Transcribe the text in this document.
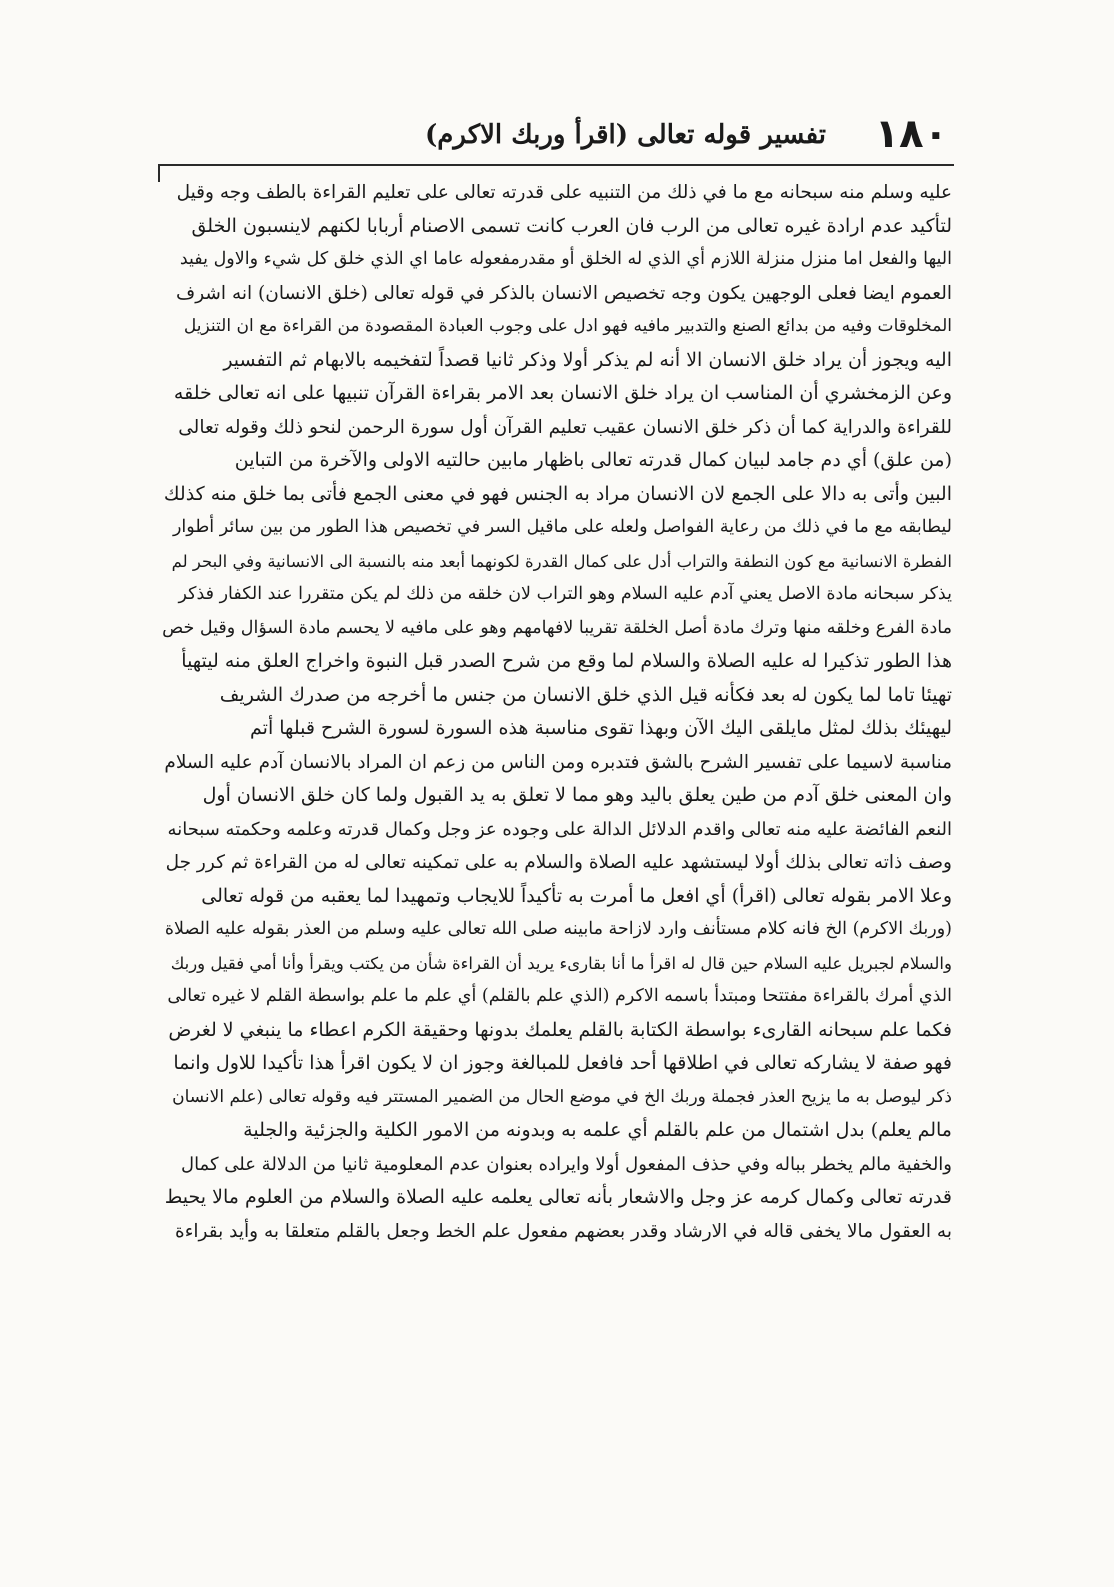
١٨٠
تفسير قوله تعالى (اقرأ وربك الاكرم)
عليه وسلم منه سبحانه مع ما في ذلك من التنبيه على قدرته تعالى على تعليم القراءة بالطف وجه وقيل
لتأكيد عدم ارادة غيره تعالى من الرب فان العرب كانت تسمى الاصنام أربابا لكنهم لاينسبون الخلق
اليها والفعل اما منزل منزلة اللازم أي الذي له الخلق أو مقدرمفعوله عاما اي الذي خلق كل شيء والاول يفيد
العموم ايضا فعلى الوجهين يكون وجه تخصيص الانسان بالذكر في قوله تعالى (خلق الانسان) انه اشرف
المخلوقات وفيه من بدائع الصنع والتدبير مافيه فهو ادل على وجوب العبادة المقصودة من القراءة مع ان التنزيل
اليه ويجوز أن يراد خلق الانسان الا أنه لم يذكر أولا وذكر ثانيا قصداً لتفخيمه بالابهام ثم التفسير
وعن الزمخشري أن المناسب ان يراد خلق الانسان بعد الامر بقراءة القرآن تنبيها على انه تعالى خلقه
للقراءة والدراية كما أن ذكر خلق الانسان عقيب تعليم القرآن أول سورة الرحمن لنحو ذلك وقوله تعالى
(من علق) أي دم جامد لبيان كمال قدرته تعالى باظهار مابين حالتيه الاولى والآخرة من التباين
البين وأتى به دالا على الجمع لان الانسان مراد به الجنس فهو في معنى الجمع فأتى بما خلق منه كذلك
ليطابقه مع ما في ذلك من رعاية الفواصل ولعله على ماقيل السر في تخصيص هذا الطور من بين سائر أطوار
الفطرة الانسانية مع كون النطفة والتراب أدل على كمال القدرة لكونهما أبعد منه بالنسبة الى الانسانية وفي البحر لم
يذكر سبحانه مادة الاصل يعني آدم عليه السلام وهو التراب لان خلقه من ذلك لم يكن متقررا عند الكفار فذكر
مادة الفرع وخلقه منها وترك مادة أصل الخلقة تقريبا لافهامهم وهو على مافيه لا يحسم مادة السؤال وقيل خص
هذا الطور تذكيرا له عليه الصلاة والسلام لما وقع من شرح الصدر قبل النبوة واخراج العلق منه ليتهيأ
تهيئا تاما لما يكون له بعد فكأنه قيل الذي خلق الانسان من جنس ما أخرجه من صدرك الشريف
ليهيئك بذلك لمثل مايلقى اليك الآن وبهذا تقوى مناسبة هذه السورة لسورة الشرح قبلها أتم
مناسبة لاسيما على تفسير الشرح بالشق فتدبره ومن الناس من زعم ان المراد بالانسان آدم عليه السلام
وان المعنى خلق آدم من طين يعلق باليد وهو مما لا تعلق به يد القبول ولما كان خلق الانسان أول
النعم الفائضة عليه منه تعالى واقدم الدلائل الدالة على وجوده عز وجل وكمال قدرته وعلمه وحكمته سبحانه
وصف ذاته تعالى بذلك أولا ليستشهد عليه الصلاة والسلام به على تمكينه تعالى له من القراءة ثم كرر جل
وعلا الامر بقوله تعالى (اقرأ) أي افعل ما أمرت به تأكيداً للايجاب وتمهيدا لما يعقبه من قوله تعالى
(وربك الاكرم) الخ فانه كلام مستأنف وارد لازاحة مابينه صلى الله تعالى عليه وسلم من العذر بقوله عليه الصلاة
والسلام لجبريل عليه السلام حين قال له اقرأ ما أنا بقارىء يريد أن القراءة شأن من يكتب ويقرأ وأنا أمي فقيل وربك
الذي أمرك بالقراءة مفتتحا ومبتدأ باسمه الاكرم (الذي علم بالقلم) أي علم ما علم بواسطة القلم لا غيره تعالى
فكما علم سبحانه القارىء بواسطة الكتابة بالقلم يعلمك بدونها وحقيقة الكرم اعطاء ما ينبغي لا لغرض
فهو صفة لا يشاركه تعالى في اطلاقها أحد فافعل للمبالغة وجوز ان لا يكون اقرأ هذا تأكيدا للاول وانما
ذكر ليوصل به ما يزيح العذر فجملة وربك الخ في موضع الحال من الضمير المستتر فيه وقوله تعالى (علم الانسان
مالم يعلم) بدل اشتمال من علم بالقلم أي علمه به وبدونه من الامور الكلية والجزئية والجلية
والخفية مالم يخطر بباله وفي حذف المفعول أولا وايراده بعنوان عدم المعلومية ثانيا من الدلالة على كمال
قدرته تعالى وكمال كرمه عز وجل والاشعار بأنه تعالى يعلمه عليه الصلاة والسلام من العلوم مالا يحيط
به العقول مالا يخفى قاله في الارشاد وقدر بعضهم مفعول علم الخط وجعل بالقلم متعلقا به وأيد بقراءة
